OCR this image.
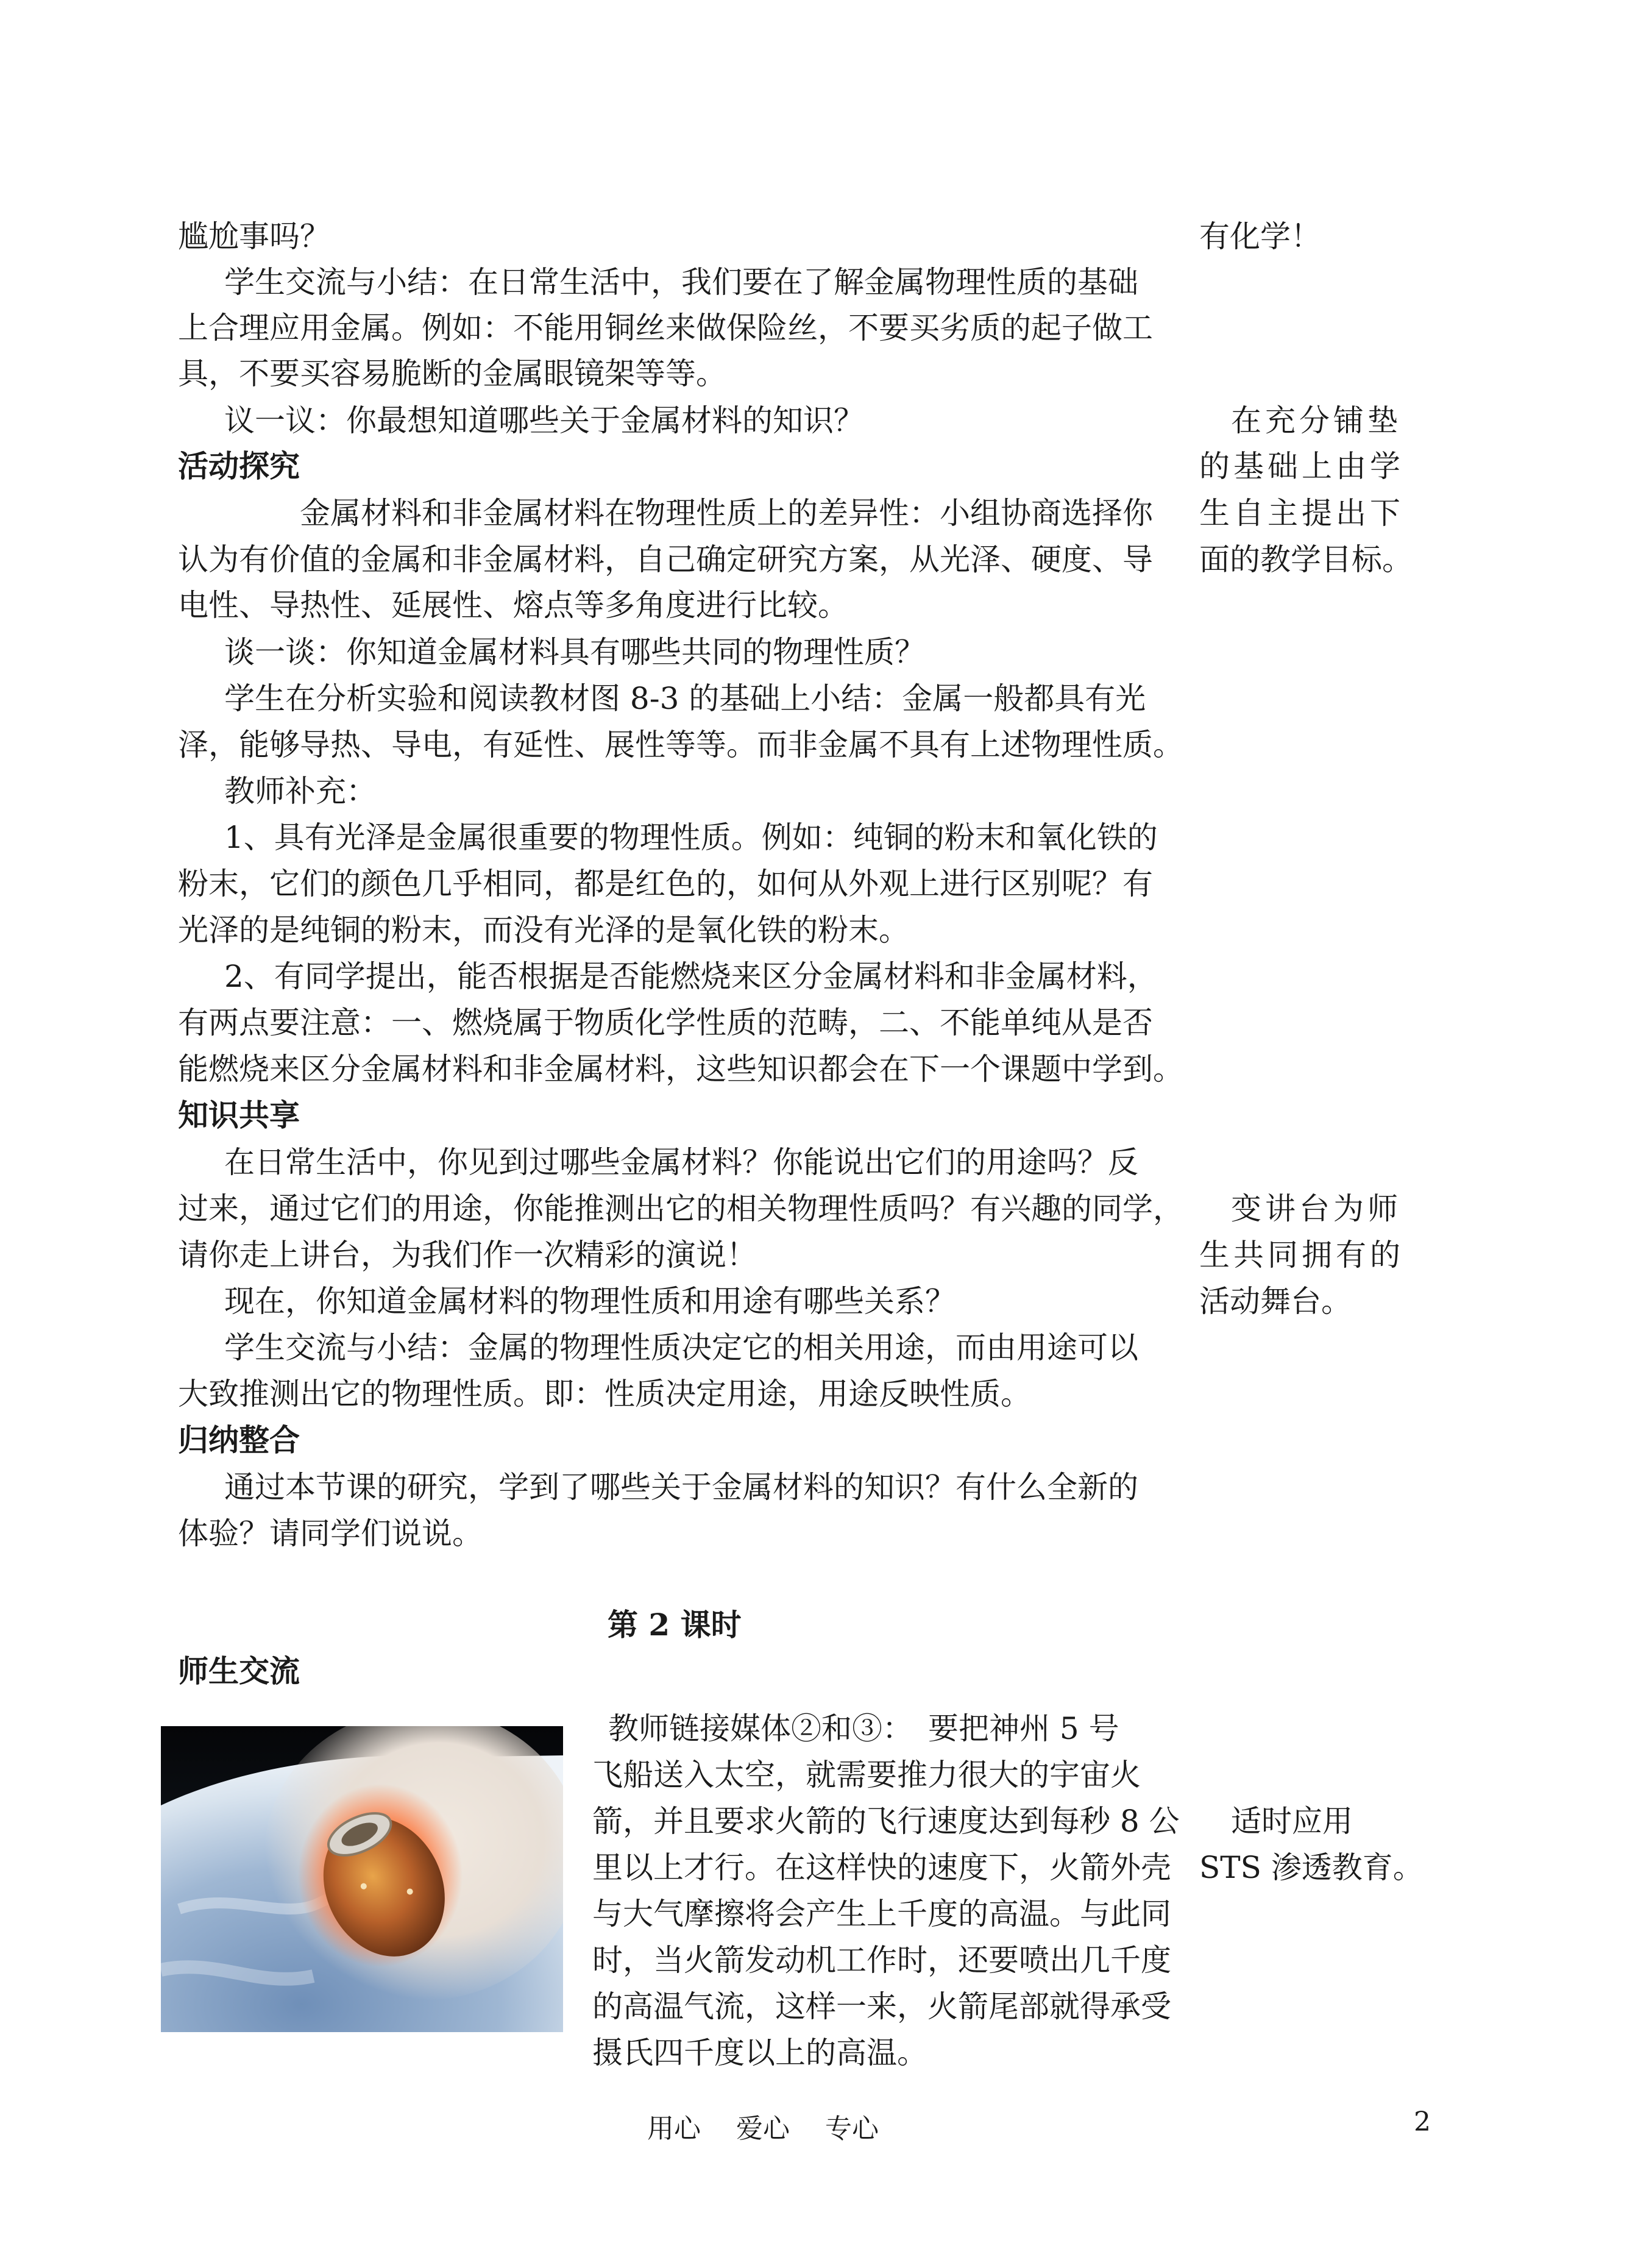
尴尬事吗？
学生交流与小结：在日常生活中，我们要在了解金属物理性质的基础
上合理应用金属。例如：不能用铜丝来做保险丝，不要买劣质的起子做工
具，不要买容易脆断的金属眼镜架等等。
议一议：你最想知道哪些关于金属材料的知识？
活动探究
金属材料和非金属材料在物理性质上的差异性：小组协商选择你
认为有价值的金属和非金属材料，自己确定研究方案，从光泽、硬度、导
电性、导热性、延展性、熔点等多角度进行比较。
谈一谈：你知道金属材料具有哪些共同的物理性质？
学生在分析实验和阅读教材图 8-3 的基础上小结：金属一般都具有光
泽，能够导热、导电，有延性、展性等等。而非金属不具有上述物理性质。
教师补充：
1、具有光泽是金属很重要的物理性质。例如：纯铜的粉末和氧化铁的
粉末，它们的颜色几乎相同，都是红色的，如何从外观上进行区别呢？有
光泽的是纯铜的粉末，而没有光泽的是氧化铁的粉末。
2、有同学提出，能否根据是否能燃烧来区分金属材料和非金属材料，
有两点要注意：一、燃烧属于物质化学性质的范畴，二、不能单纯从是否
能燃烧来区分金属材料和非金属材料，这些知识都会在下一个课题中学到。
知识共享
在日常生活中，你见到过哪些金属材料？你能说出它们的用途吗？反
过来，通过它们的用途，你能推测出它的相关物理性质吗？有兴趣的同学，
请你走上讲台，为我们作一次精彩的演说！
现在，你知道金属材料的物理性质和用途有哪些关系？
学生交流与小结：金属的物理性质决定它的相关用途，而由用途可以
大致推测出它的物理性质。即：性质决定用途，用途反映性质。
归纳整合
通过本节课的研究，学到了哪些关于金属材料的知识？有什么全新的
体验？请同学们说说。
第 2 课时
师生交流
教师链接媒体②和③：　要把神州 5 号
飞船送入太空，就需要推力很大的宇宙火
箭，并且要求火箭的飞行速度达到每秒 8 公
里以上才行。在这样快的速度下，火箭外壳
与大气摩擦将会产生上千度的高温。与此同
时，当火箭发动机工作时，还要喷出几千度
的高温气流，这样一来，火箭尾部就得承受
摄氏四千度以上的高温。
有化学！
在充分铺垫
的基础上由学
生自主提出下
面的教学目标。
变讲台为师
生共同拥有的
活动舞台。
适时应用
STS 渗透教育。
用心　 爱心　 专心	2
